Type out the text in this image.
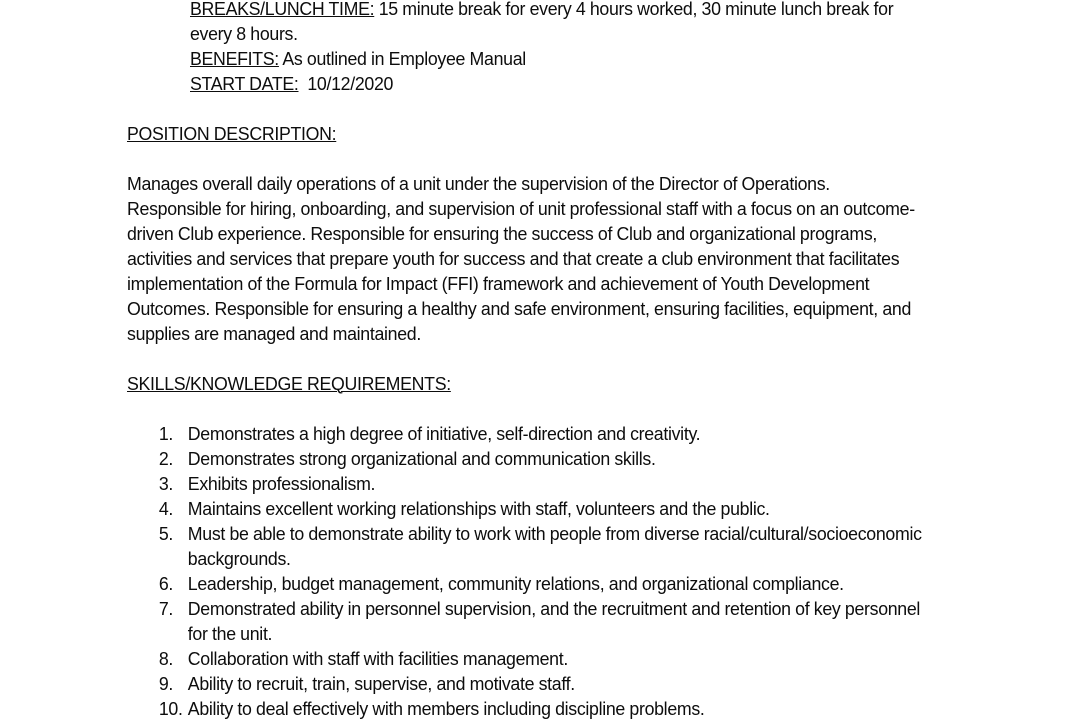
BREAKS/LUNCH TIME: 15 minute break for every 4 hours worked, 30 minute lunch break for every 8 hours.

BENEFITS: As outlined in Employee Manual

START DATE: 10/12/2020

POSITION DESCRIPTION:

Manages overall daily operations of a unit under the supervision of the Director of Operations. Responsible for hiring, onboarding, and supervision of unit professional staff with a focus on an outcome-driven Club experience. Responsible for ensuring the success of Club and organizational programs, activities and services that prepare youth for success and that create a club environment that facilitates implementation of the Formula for Impact (FFI) framework and achievement of Youth Development Outcomes. Responsible for ensuring a healthy and safe environment, ensuring facilities, equipment, and supplies are managed and maintained.

SKILLS/KNOWLEDGE REQUIREMENTS:

Demonstrates a high degree of initiative, self-direction and creativity.
Demonstrates strong organizational and communication skills.
Exhibits professionalism.
Maintains excellent working relationships with staff, volunteers and the public.
Must be able to demonstrate ability to work with people from diverse racial/cultural/socioeconomic backgrounds.
Leadership, budget management, community relations, and organizational compliance.
Demonstrated ability in personnel supervision, and the recruitment and retention of key personnel for the unit.
Collaboration with staff with facilities management.
Ability to recruit, train, supervise, and motivate staff.
Ability to deal effectively with members including discipline problems.
